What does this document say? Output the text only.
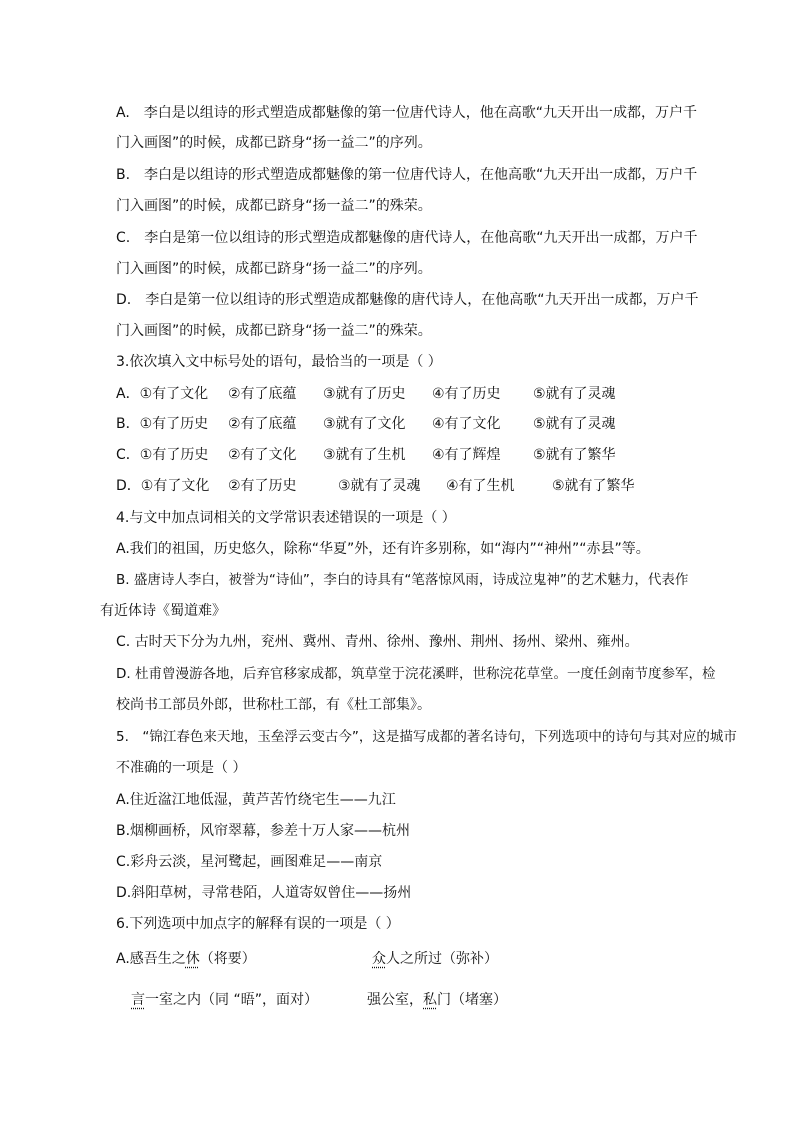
A.　李白是以组诗的形式塑造成都魅像的第一位唐代诗人，他在高歌“九天开出一成都，万户千
门入画图”的时候，成都已跻身“扬一益二”的序列。
B.　李白是以组诗的形式塑造成都魅像的第一位唐代诗人，在他高歌“九天开出一成都，万户千
门入画图”的时候，成都已跻身“扬一益二”的殊荣。
C.　李白是第一位以组诗的形式塑造成都魅像的唐代诗人，在他高歌“九天开出一成都，万户千
门入画图”的时候，成都已跻身“扬一益二”的序列。
D.　李白是第一位以组诗的形式塑造成都魅像的唐代诗人，在他高歌“九天开出一成都，万户千
门入画图”的时候，成都已跻身“扬一益二”的殊荣。
3.依次填入文中标号处的语句，最恰当的一项是（ ）
A．①有了文化 ②有了底蕴 ③就有了历史 ④有了历史 ⑤就有了灵魂
B．①有了历史 ②有了底蕴 ③就有了文化 ④有了文化 ⑤就有了灵魂
C．①有了历史 ②有了文化 ③就有了生机 ④有了辉煌 ⑤就有了繁华
D．①有了文化 ②有了历史	③就有了灵魂 ④有了生机	⑤就有了繁华
4.与文中加点词相关的文学常识表述错误的一项是（ ）
A.我们的祖国，历史悠久，除称“华夏”外，还有许多别称，如“海内”“神州”“赤县”等。
B. 盛唐诗人李白，被誉为“诗仙”，李白的诗具有“笔落惊风雨，诗成泣鬼神”的艺术魅力，代表作
有近体诗《蜀道难》
C. 古时天下分为九州，兖州、冀州、青州、徐州、豫州、荆州、扬州、梁州、雍州。
D. 杜甫曾漫游各地，后弃官移家成都，筑草堂于浣花溪畔，世称浣花草堂。一度任剑南节度参军，检
校尚书工部员外郎，世称杜工部，有《杜工部集》。
5.　“锦江春色来天地，玉垒浮云变古今”，这是描写成都的著名诗句，下列选项中的诗句与其对应的城市
不准确的一项是（ ）
A.住近湓江地低湿，黄芦苦竹绕宅生——九江
B.烟柳画桥，风帘翠幕，参差十万人家——杭州
C.彩舟云淡，星河鹭起，画图难足——南京
D.斜阳草树，寻常巷陌，人道寄奴曾住——扬州
6.下列选项中加点字的解释有误的一项是（ ）
A.感吾生之休（将要）	众人之所过（弥补）
言一室之内（同 “晤”，面对）	强公室，私门（堵塞）
